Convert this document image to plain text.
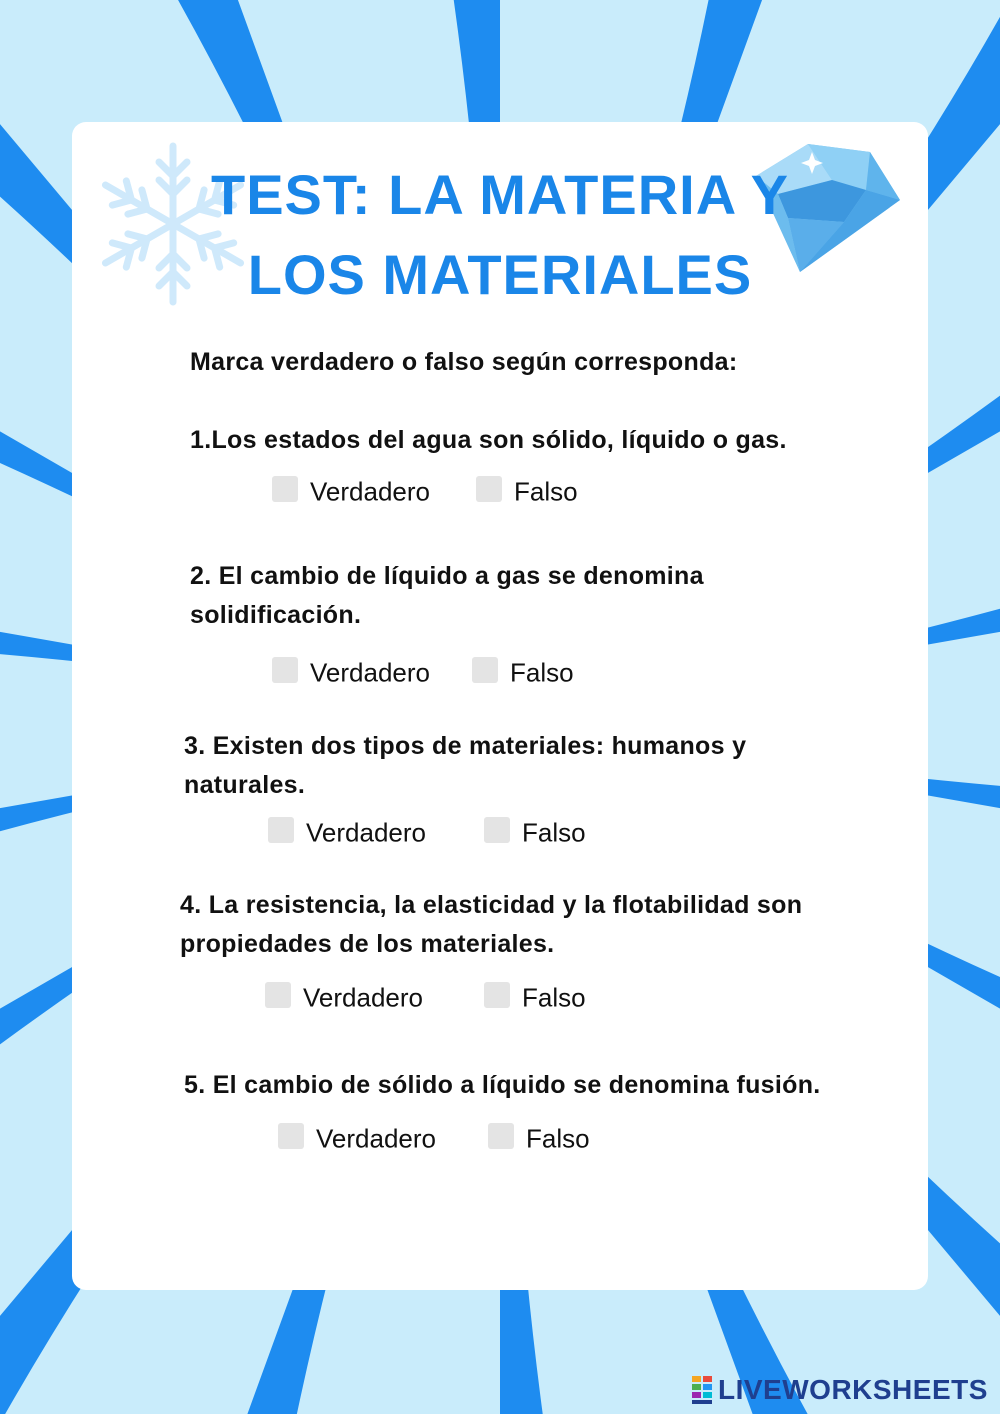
TEST: LA MATERIA Y
LOS MATERIALES
Marca verdadero o falso según corresponda:
1.Los estados del agua son sólido, líquido o gas.
Verdadero	Falso
2. El cambio de líquido a gas se denomina
solidificación.
Verdadero	Falso
3. Existen dos tipos de materiales: humanos y
naturales.
Verdadero	Falso
4. La resistencia, la elasticidad y la flotabilidad son
propiedades de los materiales.
Verdadero	Falso
5. El cambio de sólido a líquido se denomina fusión.
Verdadero	Falso
LIVEWORKSHEETS
